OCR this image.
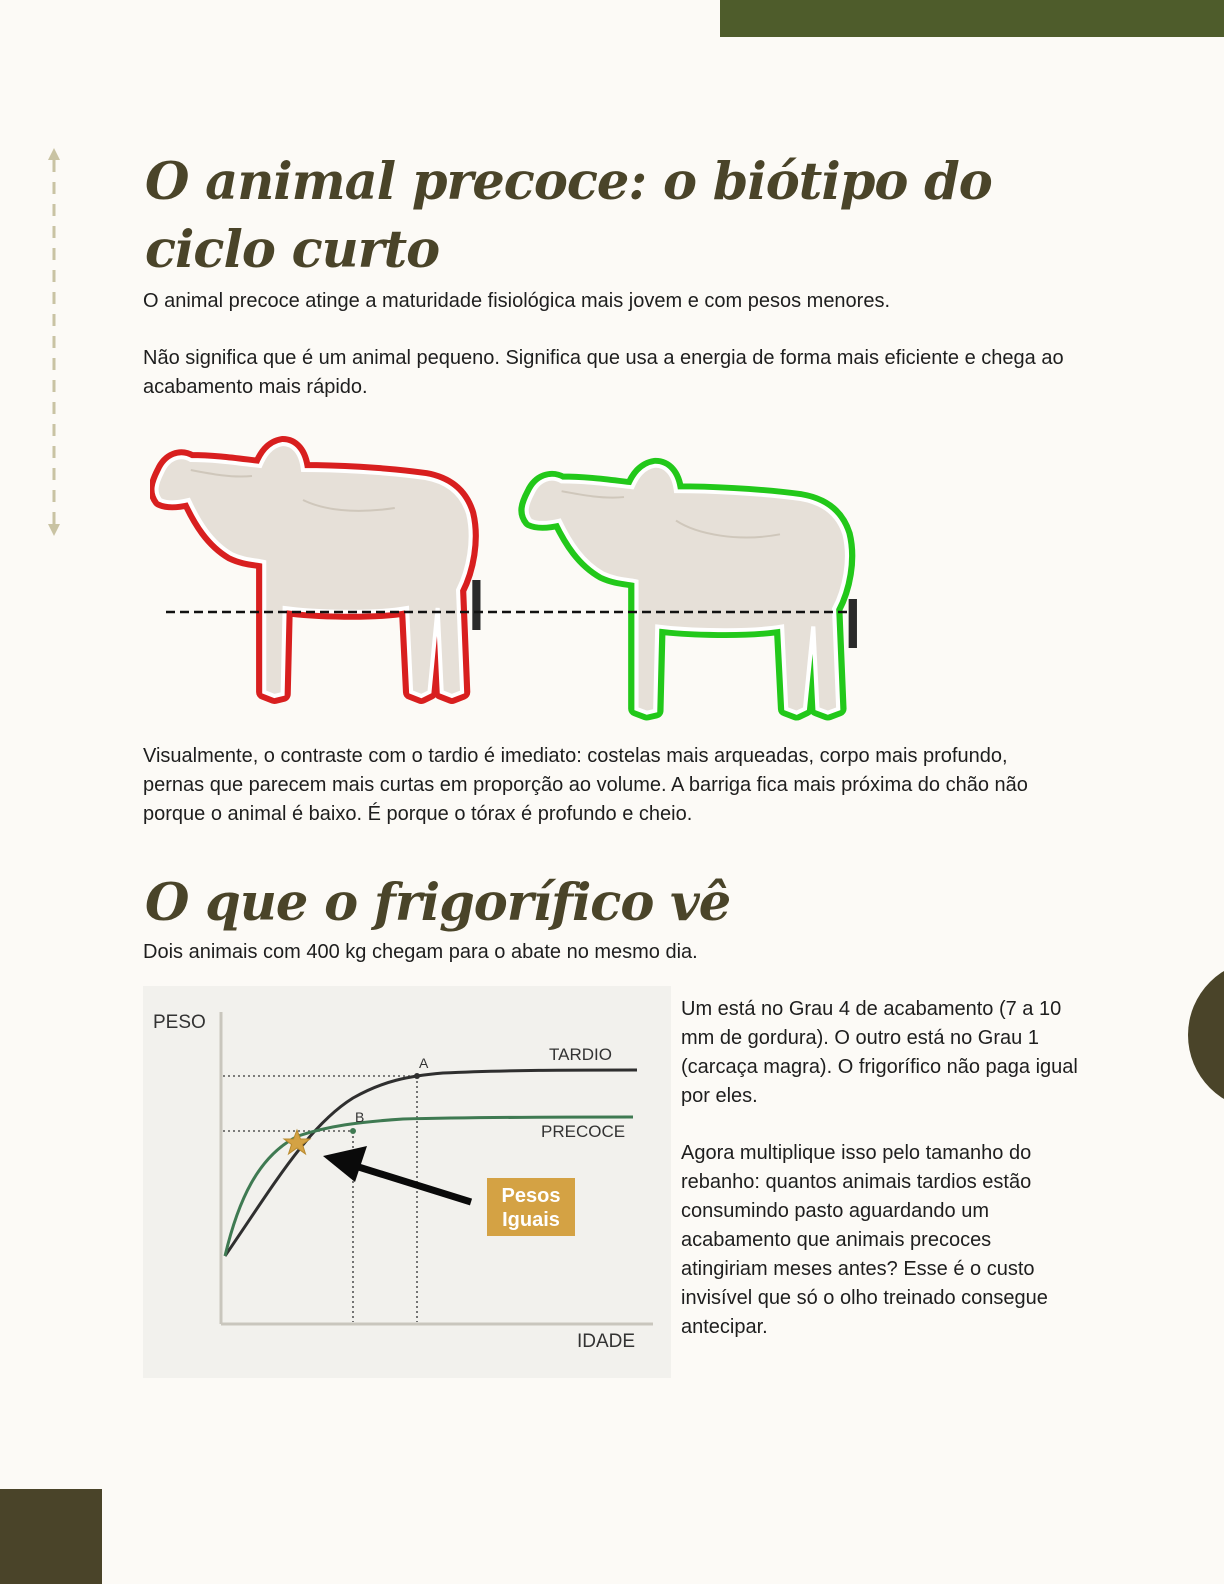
O animal precoce: o biótipo do ciclo curto

O animal precoce atinge a maturidade fisiológica mais jovem e com pesos menores.

Não significa que é um animal pequeno. Significa que usa a energia de forma mais eficiente e chega ao acabamento mais rápido.

Visualmente, o contraste com o tardio é imediato: costelas mais arqueadas, corpo mais profundo, pernas que parecem mais curtas em proporção ao volume. A barriga fica mais próxima do chão não porque o animal é baixo. É porque o tórax é profundo e cheio.

O que o frigorífico vê

Dois animais com 400 kg chegam para o abate no mesmo dia.

PESO
IDADE
A
B
TARDIO
PRECOCE
Pesos
Iguais

Um está no Grau 4 de acabamento (7 a 10 mm de gordura). O outro está no Grau 1 (carcaça magra). O frigorífico não paga igual por eles.

Agora multiplique isso pelo tamanho do rebanho: quantos animais tardios estão consumindo pasto aguardando um acabamento que animais precoces atingiriam meses antes? Esse é o custo invisível que só o olho treinado consegue antecipar.
